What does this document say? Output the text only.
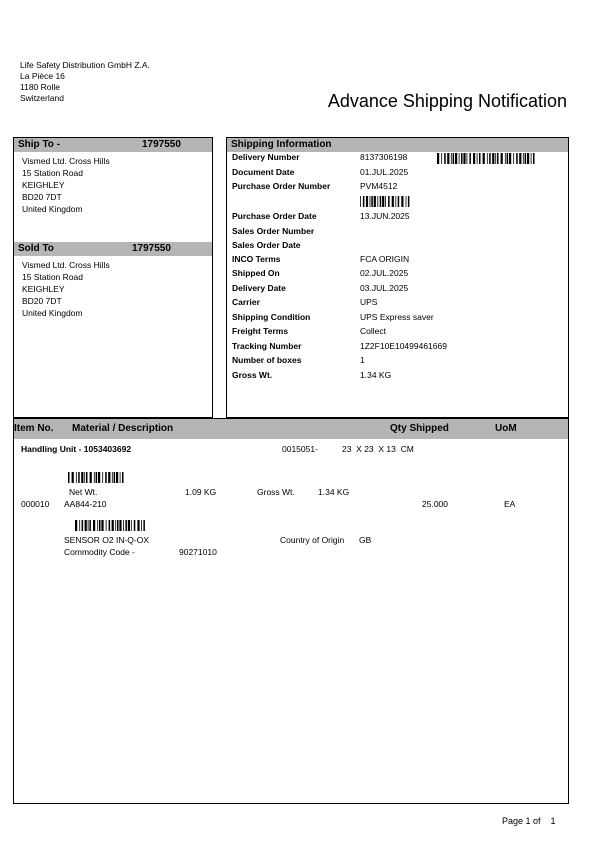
Life Safety Distribution GmbH Z.A.
La Pièce 16
1180 Rolle
Switzerland	Advance Shipping Notification
Ship To -	1797550
Vismed Ltd. Cross Hills
15 Station Road
KEIGHLEY
BD20 7DT
United Kingdom
Sold To	1797550
Vismed Ltd. Cross Hills
15 Station Road
KEIGHLEY
BD20 7DT
United Kingdom
Shipping Information
Delivery Number	8137306198
Document Date	01.JUL.2025
Purchase Order Number	PVM4512
Purchase Order Date	13.JUN.2025
Sales Order Number
Sales Order Date
INCO Terms	FCA ORIGIN
Shipped On	02.JUL.2025
Delivery Date	03.JUL.2025
Carrier	UPS
Shipping Condition	UPS Express saver
Freight Terms	Collect
Tracking Number	1Z2F10E10499461669
Number of boxes	1
Gross Wt.	1.34 KG
Item No. Material / Description	Qty Shipped	UoM
Handling Unit - 1053403692	0015051-	23  X 23  X 13  CM
Net Wt.	1.09 KG	Gross Wt.	1.34 KG
000010 AA844-210	25.000	EA
SENSOR O2 IN-Q-OX	Country of Origin GB
Commodity Code -	90271010
Page 1 of    1
